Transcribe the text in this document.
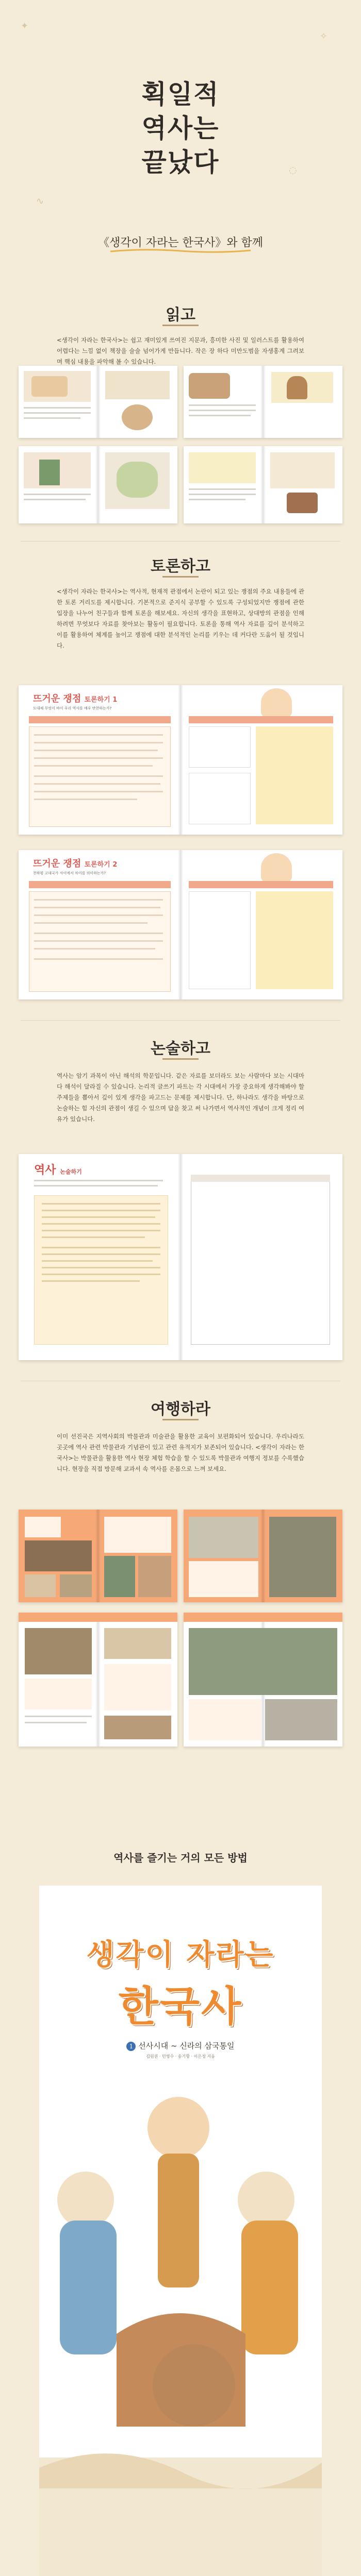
✦
✧
◌
∿
획일적
역사는
끝났다
《생각이 자라는 한국사》와 함께
읽고
<생각이 자라는 한국사>는 쉽고 재미있게 쓰여진 지문과, 흥미한 사진 및 일러스트를 활용하여 어렵다는 느낌 없이 책장을 술술 넘어가게 만듭니다. 작은 장 하다 미만도범을 자생홍계 그려보며 핵심 내용을 파악해 볼 수 있습니다.
토론하고
<생각이 자라는 한국사>는 역사적, 현재적 관점에서 논란이 되고 있는 쟁점의 주요 내용들에 관한 토론 거리도를 제시합니다. 기본적으로 준지식 공부할 수 있도록 구성되었지만 쟁점에 관한 입장을 나누어 친구들과 함께 토론을 해보세요. 자신의 생각을 표현하고, 상대방의 관점을 인해하려면 무엇보다 자료를 찾아보는 활동이 필요합니다. 토론을 통해 역사 자료를 깊이 분석하고 이를 활용하여 체계를 높이고 쟁점에 대한 분석적인 논리를 키우는 데 커다란 도움이 될 것입니다.
뜨거운 쟁점 토론하기 1
도대체 무엇이 바이 우리 역사를 매우 반찬하는가?
뜨거운 쟁점 토론하기 2
천하평 고대국가 사이에서 차이를 의미하는가?
논술하고
역사는 암기 과목이 아닌 해석의 학문입니다. 같은 자료를 보더라도 보는 사람마다 보는 시대마다 해석이 달라질 수 있습니다. 논리적 글쓰기 파트는 각 시대에서 가장 중요하게 생각해봐야 할 주제들을 뽑아서 깊이 있게 생각을 파고드는 문제를 제시합니다. 단, 하나라도 생각을 바탕으로 논술하는 힘 자신의 관점이 생길 수 있으며 답을 찾고 써 나가면서 역사적인 개념이 크게 정리 여유가 있습니다.
역사 논술하기
여행하라
이미 선진국은 지역사회의 박물관과 미술관을 활용한 교육이 보편화되어 있습니다. 우리나라도 곳곳에 역사 관련 박물관과 기념관이 있고 관련 유적지가 보존되어 있습니다. <생각이 자라는 한국사>는 박물관을 활용한 역사 현장 체험 학습을 할 수 있도록 박물관과 여행지 정보를 수록했습니다. 현장을 직접 방문해 교과서 속 역사를 온몸으로 느껴 보세요.
역사를 즐기는 거의 모든 방법
생각이 자라는
한국사
1 선사시대 ~ 신라의 삼국통일
김원권 · 민영수 · 송기항 · 이은정 지음
